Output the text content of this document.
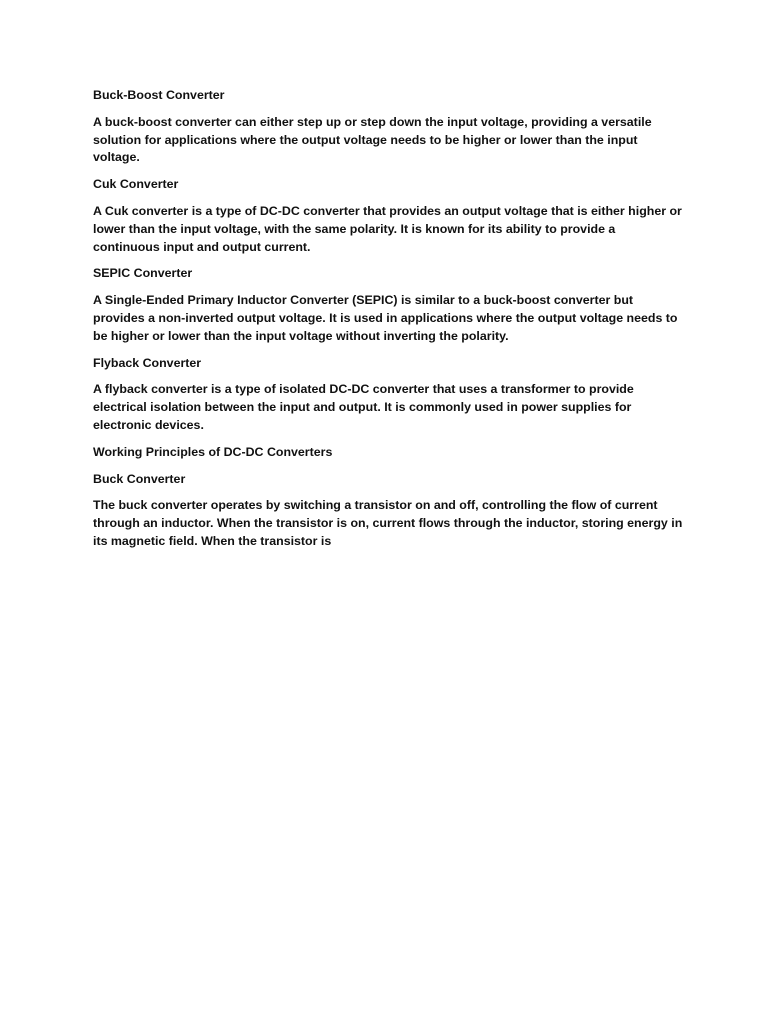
Buck-Boost Converter

A buck-boost converter can either step up or step down the input voltage, providing a versatile solution for applications where the output voltage needs to be higher or lower than the input voltage.

Cuk Converter

A Cuk converter is a type of DC-DC converter that provides an output voltage that is either higher or lower than the input voltage, with the same polarity. It is known for its ability to provide a continuous input and output current.

SEPIC Converter

A Single-Ended Primary Inductor Converter (SEPIC) is similar to a buck-boost converter but provides a non-inverted output voltage. It is used in applications where the output voltage needs to be higher or lower than the input voltage without inverting the polarity.

Flyback Converter

A flyback converter is a type of isolated DC-DC converter that uses a transformer to provide electrical isolation between the input and output. It is commonly used in power supplies for electronic devices.

Working Principles of DC-DC Converters

Buck Converter

The buck converter operates by switching a transistor on and off, controlling the flow of current through an inductor. When the transistor is on, current flows through the inductor, storing energy in its magnetic field. When the transistor is
